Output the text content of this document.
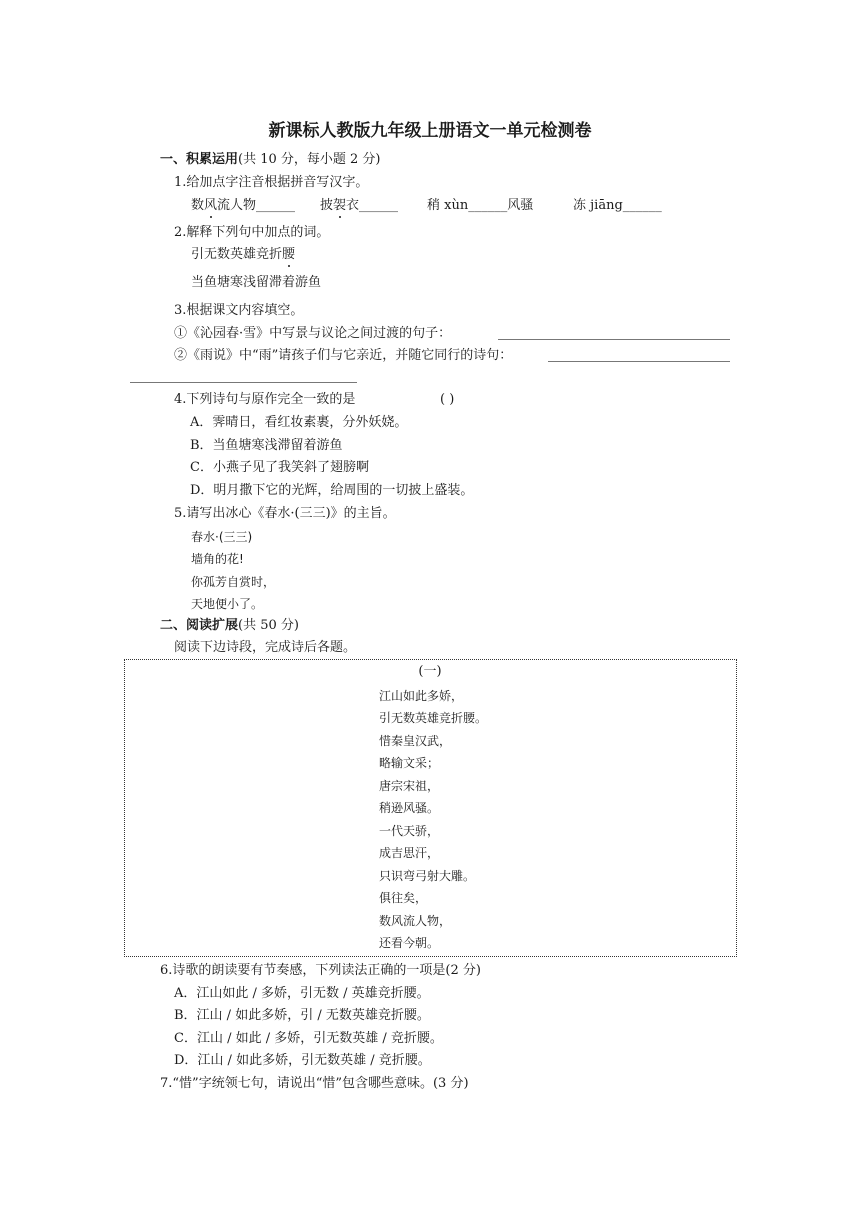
新课标人教版九年级上册语文一单元检测卷
一、积累运用(共 10 分，每小题 2 分)
1.给加点字注音根据拼音写汉字。
数风流人物______ 披袈衣______ 稍 xùn______风骚	冻 jiāng______
2.解释下列句中加点的词。
引无数英雄竞折腰
当鱼塘寒浅留滞着游鱼
3.根据课文内容填空。
①《沁园春·雪》中写景与议论之间过渡的句子：
②《雨说》中“雨”请孩子们与它亲近，并随它同行的诗句：
4.下列诗句与原作完全一致的是	( )
A．霁晴日，看红妆素裹，分外妖娆。
B．当鱼塘寒浅滞留着游鱼
C．小燕子见了我笑斜了翅膀啊
D．明月撒下它的光辉，给周围的一切披上盛装。
5.请写出冰心《春水·(三三)》的主旨。
春水·(三三)
墙角的花!
你孤芳自赏时，
天地便小了。
二、阅读扩展(共 50 分)
阅读下边诗段，完成诗后各题。
(一)
江山如此多娇，
引无数英雄竞折腰。
惜秦皇汉武，
略输文采；
唐宗宋祖，
稍逊风骚。
一代天骄，
成吉思汗，
只识弯弓射大雕。
俱往矣，
数风流人物，
还看今朝。
6.诗歌的朗读要有节奏感，下列读法正确的一项是(2 分)
A．江山如此 / 多娇，引无数 / 英雄竞折腰。
B．江山 / 如此多娇，引 / 无数英雄竞折腰。
C．江山 / 如此 / 多娇，引无数英雄 / 竞折腰。
D．江山 / 如此多娇，引无数英雄 / 竞折腰。
7.“惜”字统领七句，请说出“惜”包含哪些意味。(3 分)
